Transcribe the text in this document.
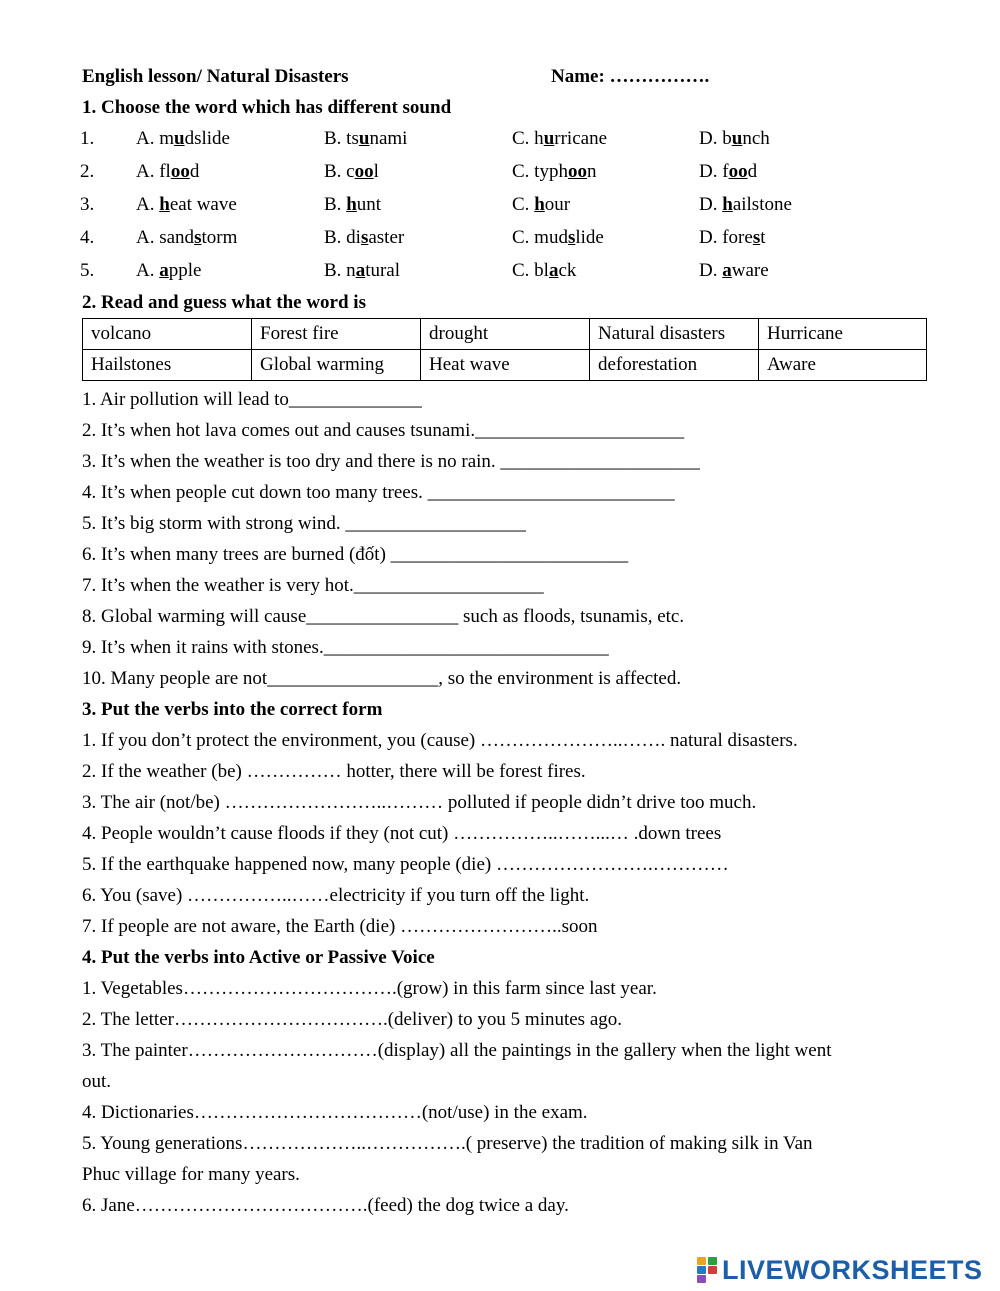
English lesson/ Natural Disasters	Name: …………….
1. Choose the word which has different sound
1. A. mudslide	B. tsunami	C. hurricane	D. bunch
2. A. flood	B. cool	C. typhoon	D. food
3. A. heat wave	B. hunt	C. hour	D. hailstone
4. A. sandstorm	B. disaster	C. mudslide	D. forest
5. A. apple	B. natural	C. black	D. aware
2. Read and guess what the word is
volcano	Forest fire	drought	Natural disasters	Hurricane
Hailstones	Global warming	Heat wave	deforestation	Aware
1. Air pollution will lead to______________
2. It’s when hot lava comes out and causes tsunami.______________________
3. It’s when the weather is too dry and there is no rain. _____________________
4. It’s when people cut down too many trees. __________________________
5. It’s big storm with strong wind. ___________________
6. It’s when many trees are burned (đốt) _________________________
7. It’s when the weather is very hot.____________________
8. Global warming will cause________________ such as floods, tsunamis, etc.
9. It’s when it rains with stones.______________________________
10. Many people are not__________________, so the environment is affected.
3. Put the verbs into the correct form
1. If you don’t protect the environment, you (cause) …………………..……. natural disasters.
2. If the weather (be) …………… hotter, there will be forest fires.
3. The air (not/be) ……………………..……… polluted if people didn’t drive too much.
4. People wouldn’t cause floods if they (not cut) ……………..……...… .down trees
5. If the earthquake happened now, many people (die) …………………….…………
6. You (save) ……………..……electricity if you turn off the light.
7. If people are not aware, the Earth (die) ……………………..soon
4. Put the verbs into Active or Passive Voice
1. Vegetables…………………………….(grow) in this farm since last year.
2. The letter…………………………….(deliver) to you 5 minutes ago.
3. The painter…………………………(display) all the paintings in the gallery when the light went
out.
4. Dictionaries………………………………(not/use) in the exam.
5. Young generations………………..…………….( preserve) the tradition of making silk in Van
Phuc village for many years.
6. Jane……………………………….(feed) the dog twice a day.
LIVEWORKSHEETS
